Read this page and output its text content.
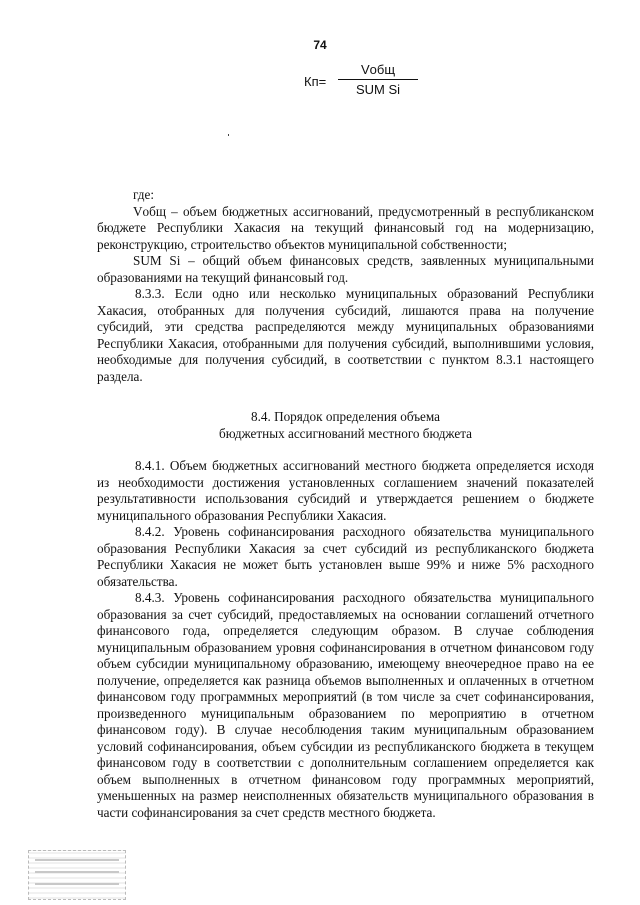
74
Кп=
Vобщ
SUM Si

где:

Vобщ – объем бюджетных ассигнований, предусмотренный в республиканском бюджете Республики Хакасия на текущий финансовый год на модернизацию, реконструкцию, строительство объектов муниципальной собственности;

SUM Si – общий объем финансовых средств, заявленных муниципальными образованиями на текущий финансовый год.

8.3.3. Если одно или несколько муниципальных образований Республики Хакасия, отобранных для получения субсидий, лишаются права на получение субсидий, эти средства распределяются между муниципальных образованиями Республики Хакасия, отобранными для получения субсидий, выполнившими условия, необходимые для получения субсидий, в соответствии с пунктом 8.3.1 настоящего раздела.

8.4. Порядок определения объема
бюджетных ассигнований местного бюджета

8.4.1. Объем бюджетных ассигнований местного бюджета определяется исходя из необходимости достижения установленных соглашением значений показателей результативности использования субсидий и утверждается решением о бюджете муниципального образования Республики Хакасия.

8.4.2. Уровень софинансирования расходного обязательства муниципального образования Республики Хакасия за счет субсидий из республиканского бюджета Республики Хакасия не может быть установлен выше 99% и ниже 5% расходного обязательства.

8.4.3. Уровень софинансирования расходного обязательства муниципального образования за счет субсидий, предоставляемых на основании соглашений отчетного финансового года, определяется следующим образом. В случае соблюдения муниципальным образованием уровня софинансирования в отчетном финансовом году объем субсидии муниципальному образованию, имеющему внеочередное право на ее получение, определяется как разница объемов выполненных и оплаченных в отчетном финансовом году программных мероприятий (в том числе за счет софинансирования, произведенного муниципальным образованием по мероприятию в отчетном финансовом году). В случае несоблюдения таким муниципальным образованием условий софинансирования, объем субсидии из республиканского бюджета в текущем финансовом году в соответствии с дополнительным соглашением определяется как объем выполненных в отчетном финансовом году программных мероприятий, уменьшенных на размер неисполненных обязательств муниципального образования в части софинансирования за счет средств местного бюджета.
